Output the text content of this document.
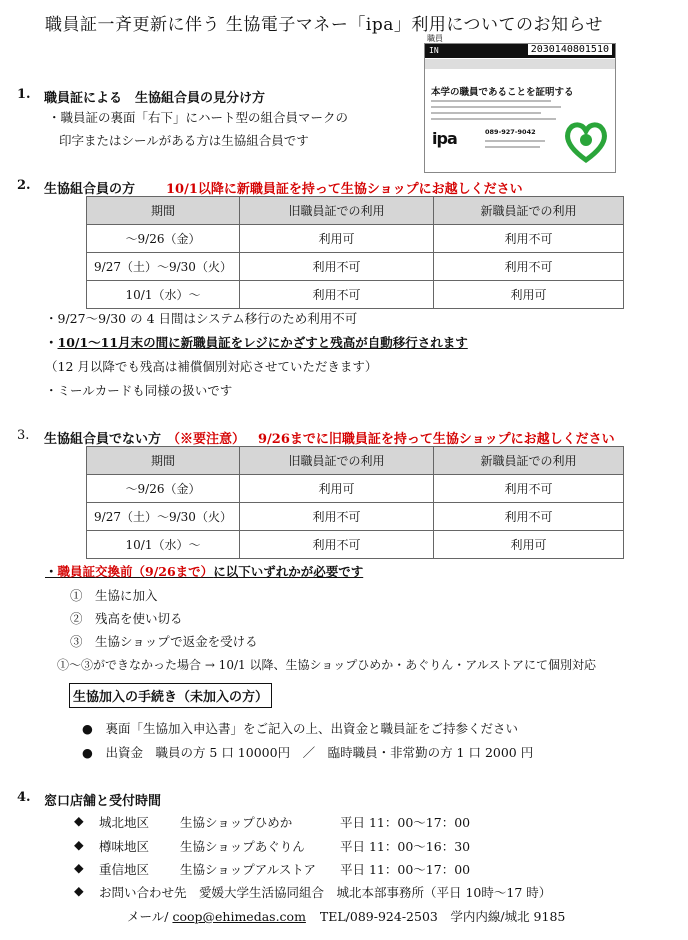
職員証一斉更新に伴う 生協電子マネー「ipa」利用についてのお知らせ
職員
IN	2030140801510
本学の職員であることを証明する
ipa	089-927-9042
1. 職員証による　生協組合員の見分け方
・職員証の裏面「右下」にハート型の組合員マークの
印字またはシールがある方は生協組合員です
2. 生協組合員の方 10/1以降に新職員証を持って生協ショップにお越しください
期間	旧職員証での利用	新職員証での利用
～9/26（金）	利用可	利用不可
9/27（土）～9/30（火）	利用不可	利用不可
10/1（水）～	利用不可	利用可
・9/27～9/30 の 4 日間はシステム移行のため利用不可
・10/1～11月末の間に新職員証をレジにかざすと残高が自動移行されます
（12 月以降でも残高は補償個別対応させていただきます）
・ミールカードも同様の扱いです
3. 生協組合員でない方 （※要注意） 9/26までに旧職員証を持って生協ショップにお越しください
期間	旧職員証での利用	新職員証での利用
～9/26（金）	利用可	利用不可
9/27（土）～9/30（火）	利用不可	利用不可
10/1（水）～	利用不可	利用可
・職員証交換前（9/26まで）に以下いずれかが必要です
①　 生協に加入
②　 残高を使い切る
③　 生協ショップで返金を受ける
①～③ができなかった場合 → 10/1 以降、生協ショップひめか・あぐりん・アルストアにて個別対応
生協加入の手続き（未加入の方）
●　 裏面「生協加入申込書」をご記入の上、出資金と職員証をご持参ください
●　 出資金　職員の方 5 口 10000円　／　臨時職員・非常勤の方 1 口 2000 円
4. 窓口店舗と受付時間
◆ 城北地区 生協ショップひめか	平日 11：00～17：00
◆ 樽味地区 生協ショップあぐりん	平日 11：00～16：30
◆ 重信地区 生協ショップアルストア 平日 11：00～17：00
◆ お問い合わせ先　愛媛大学生活協同組合　城北本部事務所（平日 10時～17 時）
メール/ coop@ehimedas.com TEL/089-924-2503　学内内線/城北 9185
